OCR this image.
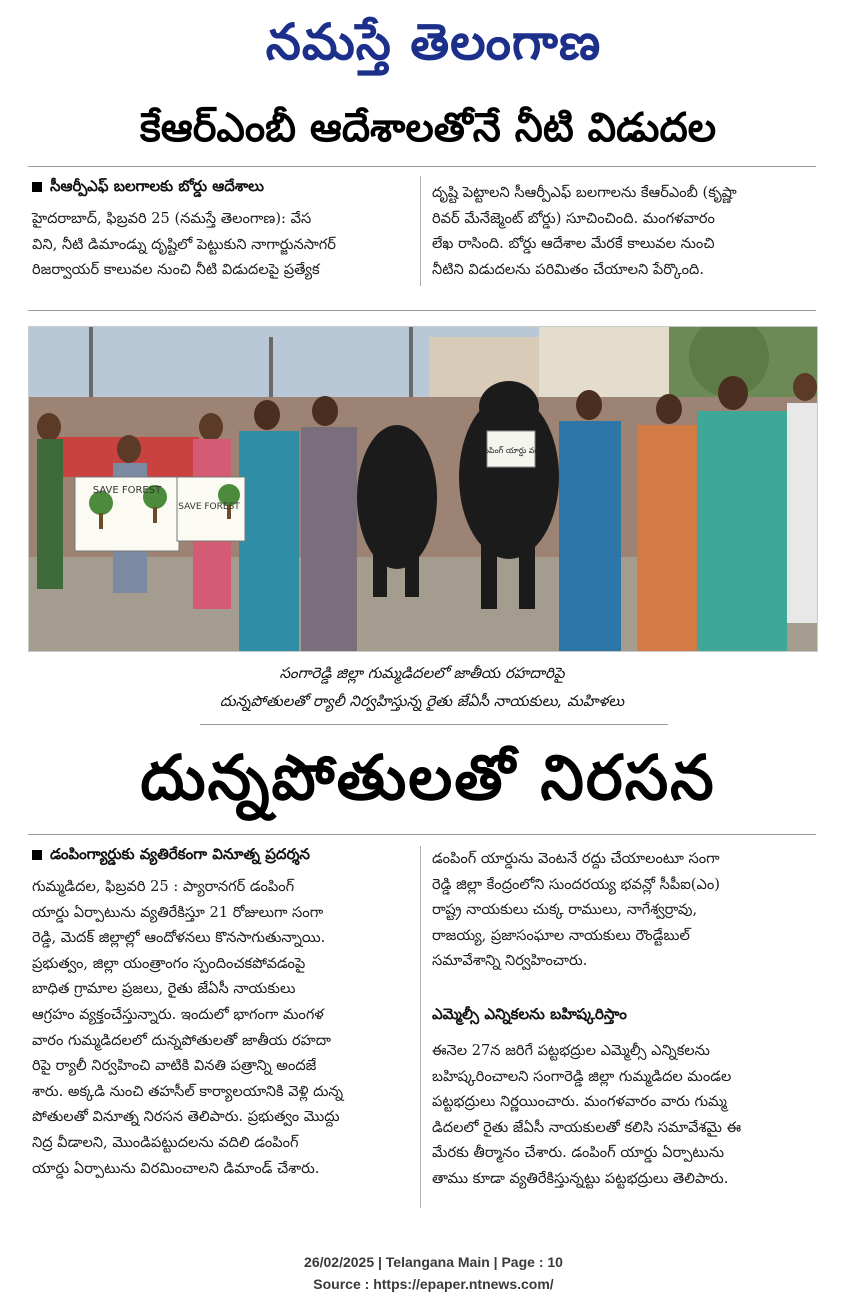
నమస్తే తెలంగాణ
కేఆర్ఎంబీ ఆదేశాలతోనే నీటి విడుదల
సీఆర్పీఎఫ్ బలగాలకు బోర్డు ఆదేశాలు
హైదరాబాద్, ఫిబ్రవరి 25 (నమస్తే తెలంగాణ): వేస
విని, నీటి డిమాండ్ను దృష్టిలో పెట్టుకుని నాగార్జునసాగర్
రిజర్వాయర్ కాలువల నుంచి నీటి విడుదలపై ప్రత్యేక
దృష్టి పెట్టాలని సీఆర్పీఎఫ్ బలగాలను కేఆర్ఎంబీ (కృష్ణా
రివర్ మేనేజ్మెంట్ బోర్డు) సూచించింది. మంగళవారం
లేఖ రాసింది. బోర్డు ఆదేశాల మేరకే కాలువల నుంచి
నీటిని విడుదలను పరిమితం చేయాలని పేర్కొంది.
డంపింగ్ యార్డు వద్దు
SAVE FOREST
SAVE FOREST
సంగారెడ్డి జిల్లా గుమ్మడిదలలో జాతీయ రహదారిపై
దున్నపోతులతో ర్యాలీ నిర్వహిస్తున్న రైతు జేఏసీ నాయకులు, మహిళలు
దున్నపోతులతో నిరసన
డంపింగ్యార్డుకు వ్యతిరేకంగా వినూత్న ప్రదర్శన
గుమ్మడిదల, ఫిబ్రవరి 25 : ప్యారానగర్ డంపింగ్
యార్డు ఏర్పాటును వ్యతిరేకిస్తూ 21 రోజులుగా సంగా
రెడ్డి, మెదక్ జిల్లాల్లో ఆందోళనలు కొనసాగుతున్నాయి.
ప్రభుత్వం, జిల్లా యంత్రాంగం స్పందించకపోవడంపై
బాధిత గ్రామాల ప్రజలు, రైతు జేఏసీ నాయకులు
ఆగ్రహం వ్యక్తంచేస్తున్నారు. ఇందులో భాగంగా మంగళ
వారం గుమ్మడిదలలో దున్నపోతులతో జాతీయ రహదా
రిపై ర్యాలీ నిర్వహించి వాటికి వినతి పత్రాన్ని అందజే
శారు. అక్కడి నుంచి తహసీల్ కార్యాలయానికి వెళ్లి దున్న
పోతులతో వినూత్న నిరసన తెలిపారు. ప్రభుత్వం మొద్దు
నిద్ర వీడాలని, మొండిపట్టుదలను వదిలి డంపింగ్
యార్డు ఏర్పాటును విరమించాలని డిమాండ్ చేశారు.
డంపింగ్ యార్డును వెంటనే రద్దు చేయాలంటూ సంగా
రెడ్డి జిల్లా కేంద్రంలోని సుందరయ్య భవన్లో సీపీఐ(ఎం)
రాష్ట్ర నాయకులు చుక్క రాములు, నాగేశ్వర్రావు,
రాజయ్య, ప్రజాసంఘాల నాయకులు రౌండ్టేబుల్
సమావేశాన్ని నిర్వహించారు.
ఎమ్మెల్సీ ఎన్నికలను బహిష్కరిస్తాం
ఈనెల 27న జరిగే పట్టభద్రుల ఎమ్మెల్సీ ఎన్నికలను
బహిష్కరించాలని సంగారెడ్డి జిల్లా గుమ్మడిదల మండల
పట్టభద్రులు నిర్ణయించారు. మంగళవారం వారు గుమ్మ
డిదలలో రైతు జేఏసీ నాయకులతో కలిసి సమావేశమై ఈ
మేరకు తీర్మానం చేశారు. డంపింగ్ యార్డు ఏర్పాటును
తాము కూడా వ్యతిరేకిస్తున్నట్టు పట్టభద్రులు తెలిపారు.
26/02/2025 | Telangana Main | Page : 10
Source : https://epaper.ntnews.com/
